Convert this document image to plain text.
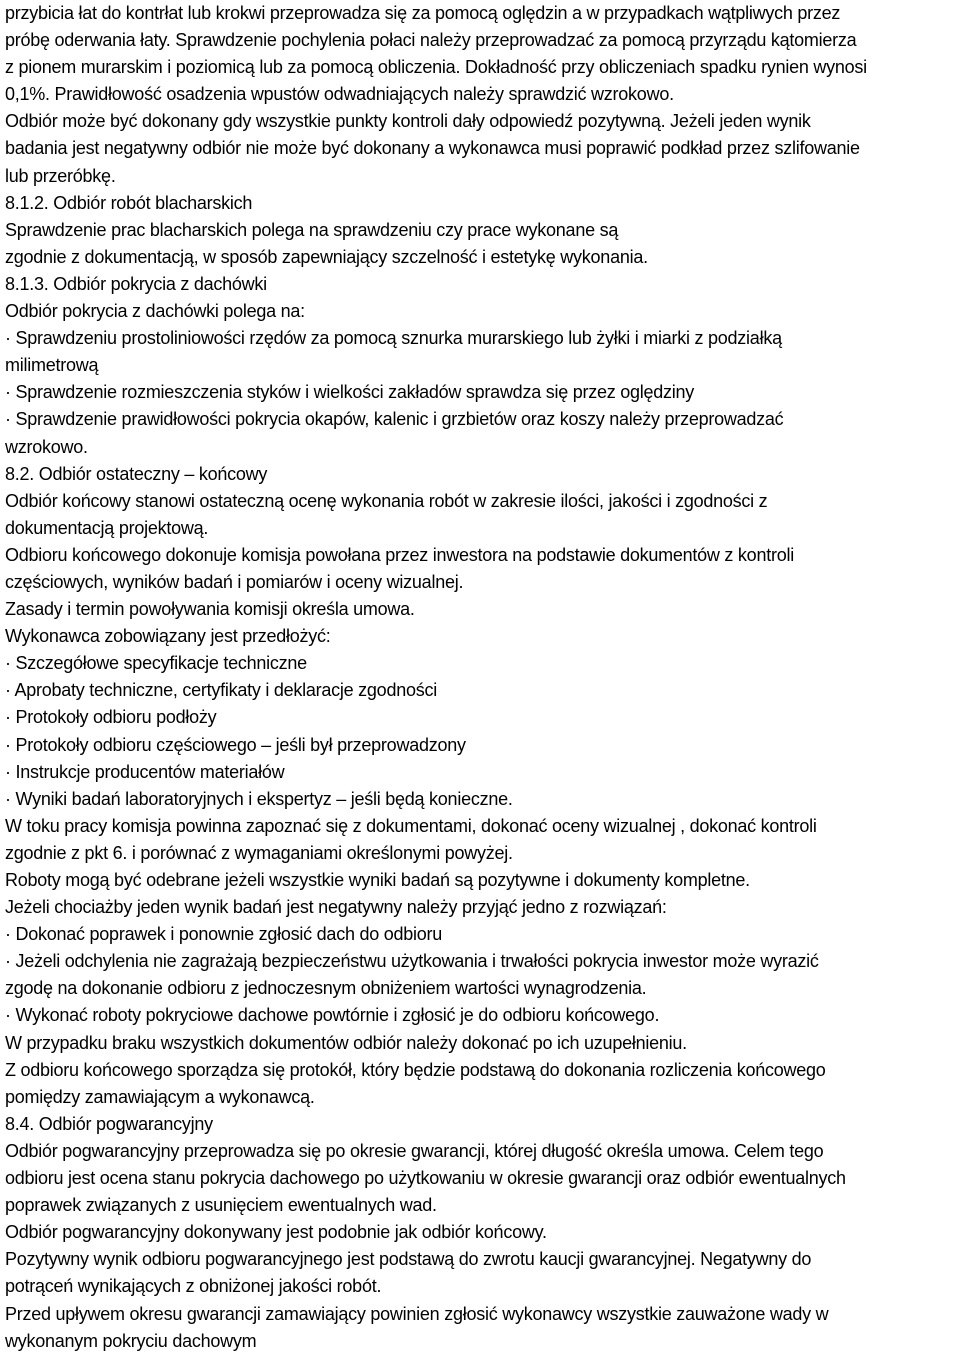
przybicia łat do kontrłat lub krokwi przeprowadza się za pomocą oględzin a w przypadkach wątpliwych przez
próbę oderwania łaty. Sprawdzenie pochylenia połaci należy przeprowadzać za pomocą przyrządu kątomierza
z pionem murarskim i poziomicą lub za pomocą obliczenia. Dokładność przy obliczeniach spadku rynien wynosi
0,1%. Prawidłowość osadzenia wpustów odwadniających należy sprawdzić wzrokowo.
Odbiór może być dokonany gdy wszystkie punkty kontroli dały odpowiedź pozytywną. Jeżeli jeden wynik
badania jest negatywny odbiór nie może być dokonany a wykonawca musi poprawić podkład przez szlifowanie
lub przeróbkę.
8.1.2. Odbiór robót blacharskich
Sprawdzenie prac blacharskich polega na sprawdzeniu czy prace wykonane są
zgodnie z dokumentacją, w sposób zapewniający szczelność i estetykę wykonania.
8.1.3. Odbiór pokrycia z dachówki
Odbiór pokrycia z dachówki polega na:
· Sprawdzeniu prostoliniowości rzędów za pomocą sznurka murarskiego lub żyłki i miarki z podziałką
milimetrową
· Sprawdzenie rozmieszczenia styków i wielkości zakładów sprawdza się przez oględziny
· Sprawdzenie prawidłowości pokrycia okapów, kalenic i grzbietów oraz koszy należy przeprowadzać
wzrokowo.
8.2. Odbiór ostateczny – końcowy
Odbiór końcowy stanowi ostateczną ocenę wykonania robót w zakresie ilości, jakości i zgodności z
dokumentacją projektową.
Odbioru końcowego dokonuje komisja powołana przez inwestora na podstawie dokumentów z kontroli
częściowych, wyników badań i pomiarów i oceny wizualnej.
Zasady i termin powoływania komisji określa umowa.
Wykonawca zobowiązany jest przedłożyć:
· Szczegółowe specyfikacje techniczne
· Aprobaty techniczne, certyfikaty i deklaracje zgodności
· Protokoły odbioru podłoży
· Protokoły odbioru częściowego – jeśli był przeprowadzony
· Instrukcje producentów materiałów
· Wyniki badań laboratoryjnych i ekspertyz – jeśli będą konieczne.
W toku pracy komisja powinna zapoznać się z dokumentami, dokonać oceny wizualnej , dokonać kontroli
zgodnie z pkt 6. i porównać z wymaganiami określonymi powyżej.
Roboty mogą być odebrane jeżeli wszystkie wyniki badań są pozytywne i dokumenty kompletne.
Jeżeli chociażby jeden wynik badań jest negatywny należy przyjąć jedno z rozwiązań:
· Dokonać poprawek i ponownie zgłosić dach do odbioru
· Jeżeli odchylenia nie zagrażają bezpieczeństwu użytkowania i trwałości pokrycia inwestor może wyrazić
zgodę na dokonanie odbioru z jednoczesnym obniżeniem wartości wynagrodzenia.
· Wykonać roboty pokryciowe dachowe powtórnie i zgłosić je do odbioru końcowego.
W przypadku braku wszystkich dokumentów odbiór należy dokonać po ich uzupełnieniu.
Z odbioru końcowego sporządza się protokół, który będzie podstawą do dokonania rozliczenia końcowego
pomiędzy zamawiającym a wykonawcą.
8.4. Odbiór pogwarancyjny
Odbiór pogwarancyjny przeprowadza się po okresie gwarancji, której długość określa umowa. Celem tego
odbioru jest ocena stanu pokrycia dachowego po użytkowaniu w okresie gwarancji oraz odbiór ewentualnych
poprawek związanych z usunięciem ewentualnych wad.
Odbiór pogwarancyjny dokonywany jest podobnie jak odbiór końcowy.
Pozytywny wynik odbioru pogwarancyjnego jest podstawą do zwrotu kaucji gwarancyjnej. Negatywny do
potrąceń wynikających z obniżonej jakości robót.
Przed upływem okresu gwarancji zamawiający powinien zgłosić wykonawcy wszystkie zauważone wady w
wykonanym pokryciu dachowym
